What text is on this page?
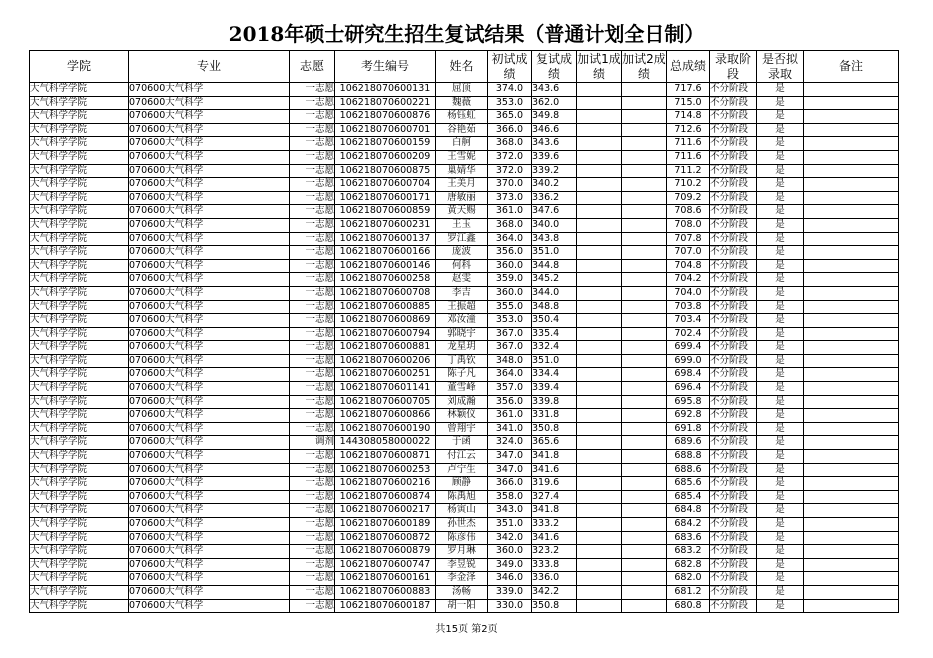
2018年硕士研究生招生复试结果（普通计划全日制）
学院	专业	志愿	考生编号	姓名	初试成绩	复试成绩	加试1成绩	加试2成绩	总成绩	录取阶段	是否拟录取	备注
大气科学学院	070600大气科学	一志愿	106218070600131	屈顶	374.0	343.6			717.6	不分阶段	是	
大气科学学院	070600大气科学	一志愿	106218070600221	魏薇	353.0	362.0			715.0	不分阶段	是	
大气科学学院	070600大气科学	一志愿	106218070600876	杨钰虹	365.0	349.8			714.8	不分阶段	是	
大气科学学院	070600大气科学	一志愿	106218070600701	谷艳茹	366.0	346.6			712.6	不分阶段	是	
大气科学学院	070600大气科学	一志愿	106218070600159	白舸	368.0	343.6			711.6	不分阶段	是	
大气科学学院	070600大气科学	一志愿	106218070600209	王雪妮	372.0	339.6			711.6	不分阶段	是	
大气科学学院	070600大气科学	一志愿	106218070600875	巢婧华	372.0	339.2			711.2	不分阶段	是	
大气科学学院	070600大气科学	一志愿	106218070600704	王美月	370.0	340.2			710.2	不分阶段	是	
大气科学学院	070600大气科学	一志愿	106218070600171	唐敏丽	373.0	336.2			709.2	不分阶段	是	
大气科学学院	070600大气科学	一志愿	106218070600859	黄天赐	361.0	347.6			708.6	不分阶段	是	
大气科学学院	070600大气科学	一志愿	106218070600231	王玉	368.0	340.0			708.0	不分阶段	是	
大气科学学院	070600大气科学	一志愿	106218070600137	罗江鑫	364.0	343.8			707.8	不分阶段	是	
大气科学学院	070600大气科学	一志愿	106218070600166	庞波	356.0	351.0			707.0	不分阶段	是	
大气科学学院	070600大气科学	一志愿	106218070600146	何科	360.0	344.8			704.8	不分阶段	是	
大气科学学院	070600大气科学	一志愿	106218070600258	赵雯	359.0	345.2			704.2	不分阶段	是	
大气科学学院	070600大气科学	一志愿	106218070600708	李吉	360.0	344.0			704.0	不分阶段	是	
大气科学学院	070600大气科学	一志愿	106218070600885	王振超	355.0	348.8			703.8	不分阶段	是	
大气科学学院	070600大气科学	一志愿	106218070600869	邓汝潼	353.0	350.4			703.4	不分阶段	是	
大气科学学院	070600大气科学	一志愿	106218070600794	郭晓宇	367.0	335.4			702.4	不分阶段	是	
大气科学学院	070600大气科学	一志愿	106218070600881	龙星玥	367.0	332.4			699.4	不分阶段	是	
大气科学学院	070600大气科学	一志愿	106218070600206	丁禹钦	348.0	351.0			699.0	不分阶段	是	
大气科学学院	070600大气科学	一志愿	106218070600251	陈子凡	364.0	334.4			698.4	不分阶段	是	
大气科学学院	070600大气科学	一志愿	106218070601141	董雪峰	357.0	339.4			696.4	不分阶段	是	
大气科学学院	070600大气科学	一志愿	106218070600705	刘成瀚	356.0	339.8			695.8	不分阶段	是	
大气科学学院	070600大气科学	一志愿	106218070600866	林颖仪	361.0	331.8			692.8	不分阶段	是	
大气科学学院	070600大气科学	一志愿	106218070600190	曾翔宇	341.0	350.8			691.8	不分阶段	是	
大气科学学院	070600大气科学	调剂	144308058000022	于函	324.0	365.6			689.6	不分阶段	是	
大气科学学院	070600大气科学	一志愿	106218070600871	付江云	347.0	341.8			688.8	不分阶段	是	
大气科学学院	070600大气科学	一志愿	106218070600253	卢宁生	347.0	341.6			688.6	不分阶段	是	
大气科学学院	070600大气科学	一志愿	106218070600216	顾静	366.0	319.6			685.6	不分阶段	是	
大气科学学院	070600大气科学	一志愿	106218070600874	陈禹旭	358.0	327.4			685.4	不分阶段	是	
大气科学学院	070600大气科学	一志愿	106218070600217	杨寅山	343.0	341.8			684.8	不分阶段	是	
大气科学学院	070600大气科学	一志愿	106218070600189	孙世杰	351.0	333.2			684.2	不分阶段	是	
大气科学学院	070600大气科学	一志愿	106218070600872	陈彦伟	342.0	341.6			683.6	不分阶段	是	
大气科学学院	070600大气科学	一志愿	106218070600879	罗月琳	360.0	323.2			683.2	不分阶段	是	
大气科学学院	070600大气科学	一志愿	106218070600747	李昱锐	349.0	333.8			682.8	不分阶段	是	
大气科学学院	070600大气科学	一志愿	106218070600161	李金泽	346.0	336.0			682.0	不分阶段	是	
大气科学学院	070600大气科学	一志愿	106218070600883	汤畅	339.0	342.2			681.2	不分阶段	是	
大气科学学院	070600大气科学	一志愿	106218070600187	胡一阳	330.0	350.8			680.8	不分阶段	是	
共15页 第2页
